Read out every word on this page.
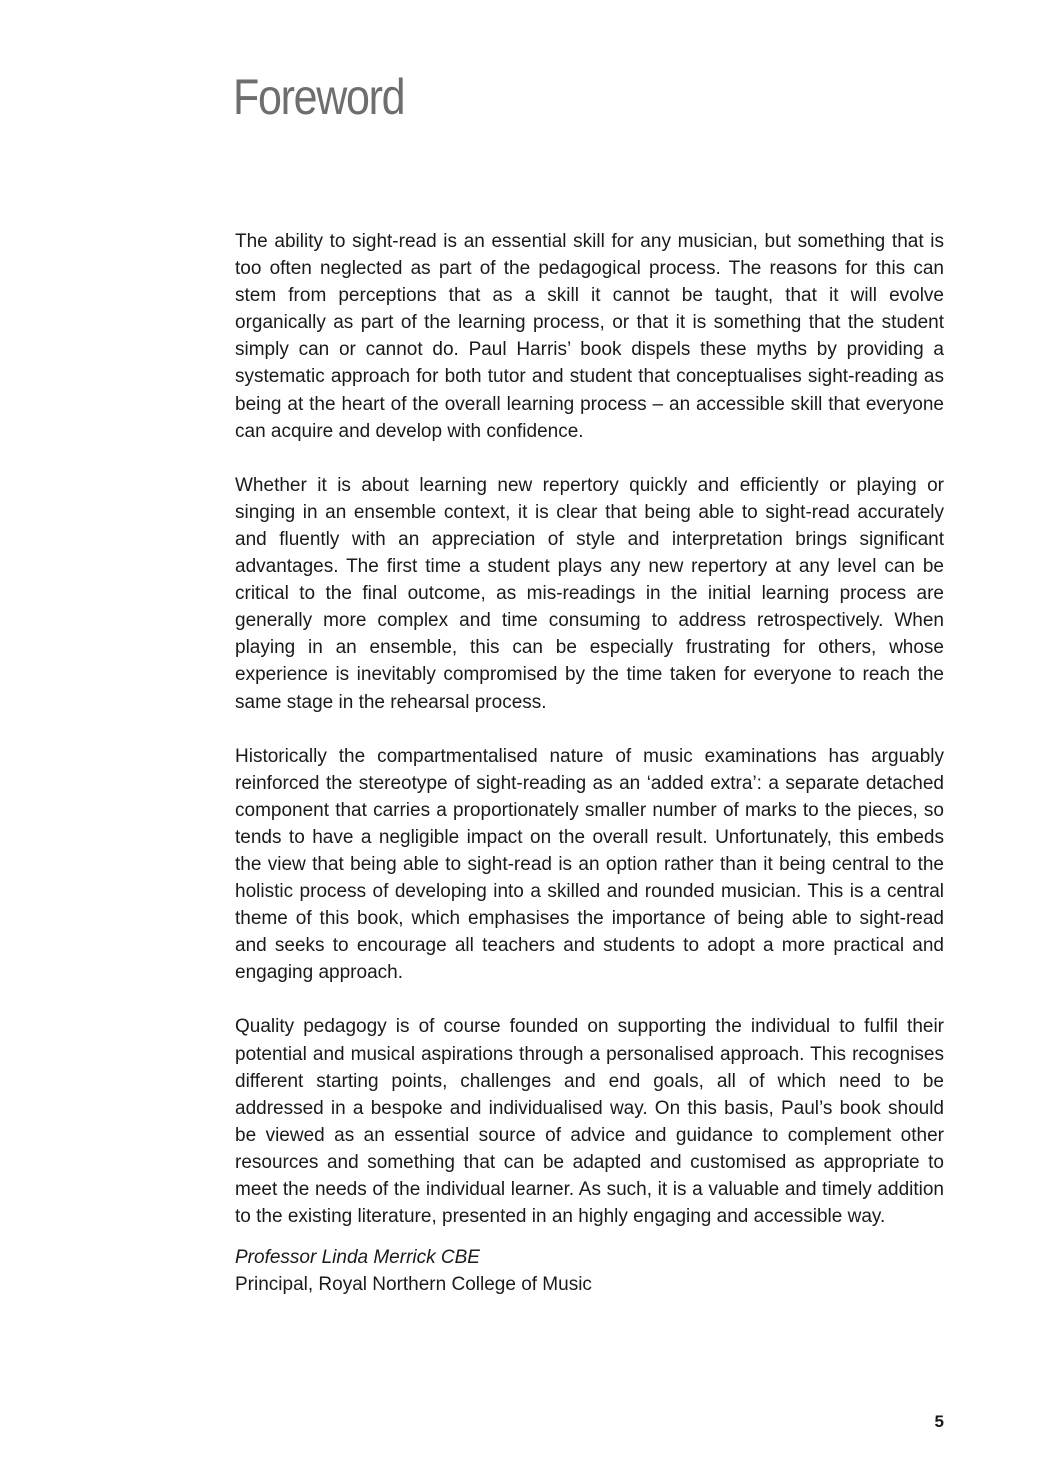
Foreword

The ability to sight-read is an essential skill for any musician, but something that is too often neglected as part of the pedagogical process. The reasons for this can stem from perceptions that as a skill it cannot be taught, that it will evolve organically as part of the learning process, or that it is something that the student simply can or cannot do. Paul Harris’ book dispels these myths by providing a systematic approach for both tutor and student that conceptualises sight-reading as being at the heart of the overall learning process – an accessible skill that everyone can acquire and develop with confidence.

Whether it is about learning new repertory quickly and efficiently or playing or singing in an ensemble context, it is clear that being able to sight-read accurately and fluently with an appreciation of style and interpretation brings significant advantages. The first time a student plays any new repertory at any level can be critical to the final outcome, as mis-readings in the initial learning process are generally more complex and time consuming to address retrospectively. When playing in an ensemble, this can be especially frustrating for others, whose experience is inevitably compromised by the time taken for everyone to reach the same stage in the rehearsal process.

Historically the compartmentalised nature of music examinations has arguably reinforced the stereotype of sight-reading as an ‘added extra’: a separate detached component that carries a proportionately smaller number of marks to the pieces, so tends to have a negligible impact on the overall result. Unfortunately, this embeds the view that being able to sight-read is an option rather than it being central to the holistic process of developing into a skilled and rounded musician. This is a central theme of this book, which emphasises the importance of being able to sight-read and seeks to encourage all teachers and students to adopt a more practical and engaging approach.

Quality pedagogy is of course founded on supporting the individual to fulfil their potential and musical aspirations through a personalised approach. This recognises different starting points, challenges and end goals, all of which need to be addressed in a bespoke and individualised way. On this basis, Paul’s book should be viewed as an essential source of advice and guidance to complement other resources and something that can be adapted and customised as appropriate to meet the needs of the individual learner. As such, it is a valuable and timely addition to the existing literature, presented in an highly engaging and accessible way.

Professor Linda Merrick CBE

Principal, Royal Northern College of Music

5
